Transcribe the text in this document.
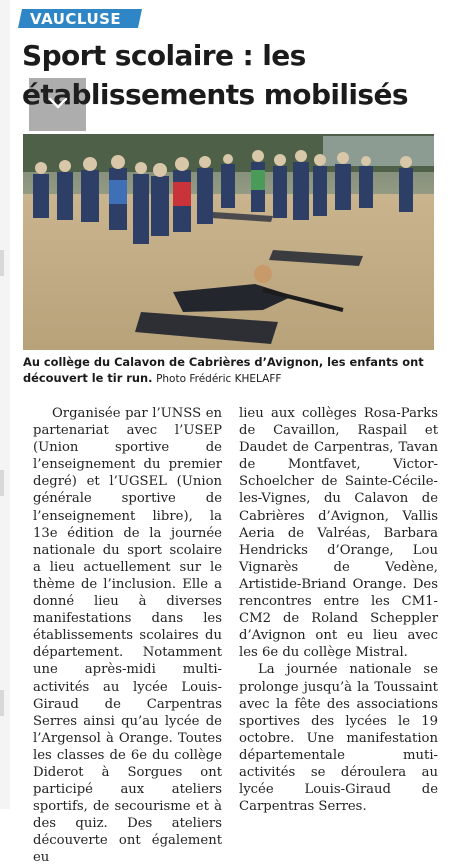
VAUCLUSE
Sport scolaire : les
établissements mobilisés
Au collège du Calavon de Cabrières d’Avignon, les enfants ont découvert le tir run. Photo Frédéric KHELAFF

Organisée par l’UNSS en partenariat avec l’USEP (Union sportive de l’enseignement du premier degré) et l’UGSEL (Union générale sportive de l’enseignement libre), la 13e édition de la journée nationale du sport scolaire a lieu actuellement sur le thème de l’inclusion. Elle a donné lieu à diverses manifestations dans les établissements scolaires du département. Notamment une après-midi multi-activités au lycée Louis-Giraud de Carpentras Serres ainsi qu’au lycée de l’Argensol à Orange. Toutes les classes de 6e du collège Diderot à Sorgues ont participé aux ateliers sportifs, de secourisme et à des quiz. Des ateliers découverte ont également eu

lieu aux collèges Rosa-Parks de Cavaillon, Raspail et Daudet de Carpentras, Tavan de Montfavet, Victor-Schoelcher de Sainte-Cécile-les-Vignes, du Calavon de Cabrières d’Avignon, Vallis Aeria de Valréas, Barbara Hendricks d’Orange, Lou Vignarès de Vedène, Artistide-Briand Orange. Des rencontres entre les CM1-CM2 de Roland Scheppler d’Avignon ont eu lieu avec les 6e du collège Mistral.

La journée nationale se prolonge jusqu’à la Toussaint avec la fête des associations sportives des lycées le 19 octobre. Une manifestation départementale muti-activités se déroulera au lycée Louis-Giraud de Carpentras Serres.
